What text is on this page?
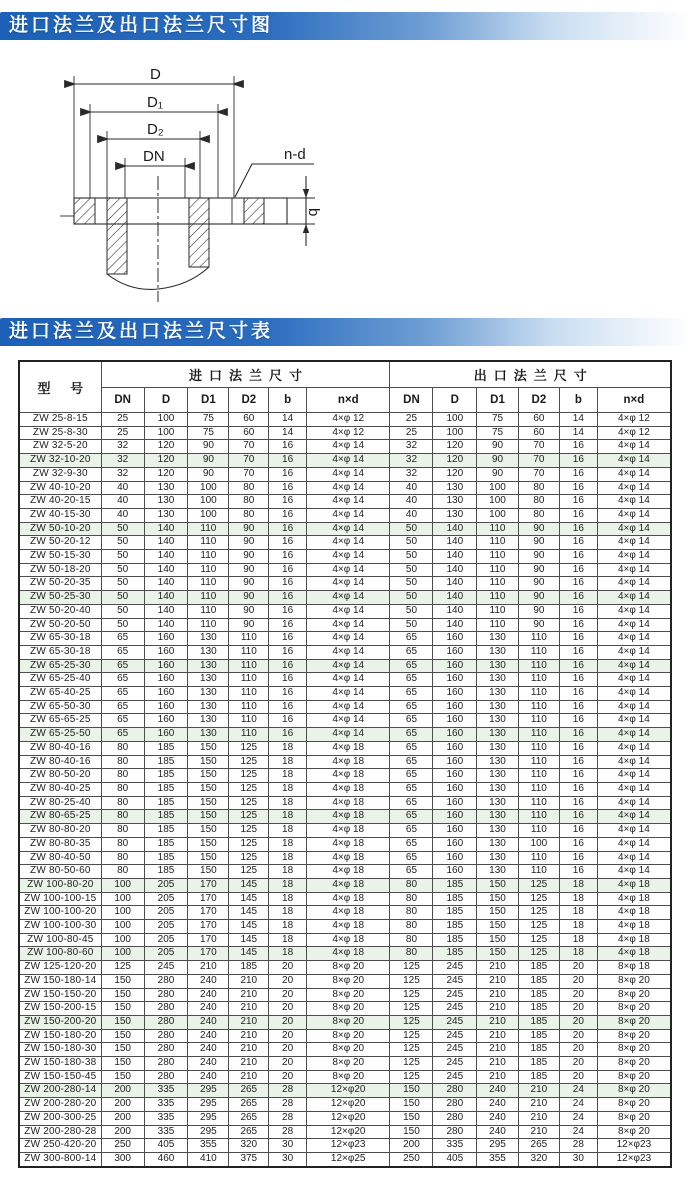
进口法兰及出口法兰尺寸图
D
D₁
D₂
DN	n-d
b
进口法兰及出口法兰尺寸表
型 号	进口法兰尺寸						出口法兰尺寸					
	DN	D	D1	D2	b	n×d	DN	D	D1	D2	b	n×d
ZW 25-8-15	25	100	75	60	14	4×φ 12	25	100	75	60	14	4×φ 12
ZW 25-8-30	25	100	75	60	14	4×φ 12	25	100	75	60	14	4×φ 12
ZW 32-5-20	32	120	90	70	16	4×φ 14	32	120	90	70	16	4×φ 14
ZW 32-10-20	32	120	90	70	16	4×φ 14	32	120	90	70	16	4×φ 14
ZW 32-9-30	32	120	90	70	16	4×φ 14	32	120	90	70	16	4×φ 14
ZW 40-10-20	40	130	100	80	16	4×φ 14	40	130	100	80	16	4×φ 14
ZW 40-20-15	40	130	100	80	16	4×φ 14	40	130	100	80	16	4×φ 14
ZW 40-15-30	40	130	100	80	16	4×φ 14	40	130	100	80	16	4×φ 14
ZW 50-10-20	50	140	110	90	16	4×φ 14	50	140	110	90	16	4×φ 14
ZW 50-20-12	50	140	110	90	16	4×φ 14	50	140	110	90	16	4×φ 14
ZW 50-15-30	50	140	110	90	16	4×φ 14	50	140	110	90	16	4×φ 14
ZW 50-18-20	50	140	110	90	16	4×φ 14	50	140	110	90	16	4×φ 14
ZW 50-20-35	50	140	110	90	16	4×φ 14	50	140	110	90	16	4×φ 14
ZW 50-25-30	50	140	110	90	16	4×φ 14	50	140	110	90	16	4×φ 14
ZW 50-20-40	50	140	110	90	16	4×φ 14	50	140	110	90	16	4×φ 14
ZW 50-20-50	50	140	110	90	16	4×φ 14	50	140	110	90	16	4×φ 14
ZW 65-30-18	65	160	130	110	16	4×φ 14	65	160	130	110	16	4×φ 14
ZW 65-30-18	65	160	130	110	16	4×φ 14	65	160	130	110	16	4×φ 14
ZW 65-25-30	65	160	130	110	16	4×φ 14	65	160	130	110	16	4×φ 14
ZW 65-25-40	65	160	130	110	16	4×φ 14	65	160	130	110	16	4×φ 14
ZW 65-40-25	65	160	130	110	16	4×φ 14	65	160	130	110	16	4×φ 14
ZW 65-50-30	65	160	130	110	16	4×φ 14	65	160	130	110	16	4×φ 14
ZW 65-65-25	65	160	130	110	16	4×φ 14	65	160	130	110	16	4×φ 14
ZW 65-25-50	65	160	130	110	16	4×φ 14	65	160	130	110	16	4×φ 14
ZW 80-40-16	80	185	150	125	18	4×φ 18	65	160	130	110	16	4×φ 14
ZW 80-40-16	80	185	150	125	18	4×φ 18	65	160	130	110	16	4×φ 14
ZW 80-50-20	80	185	150	125	18	4×φ 18	65	160	130	110	16	4×φ 14
ZW 80-40-25	80	185	150	125	18	4×φ 18	65	160	130	110	16	4×φ 14
ZW 80-25-40	80	185	150	125	18	4×φ 18	65	160	130	110	16	4×φ 14
ZW 80-65-25	80	185	150	125	18	4×φ 18	65	160	130	110	16	4×φ 14
ZW 80-80-20	80	185	150	125	18	4×φ 18	65	160	130	110	16	4×φ 14
ZW 80-80-35	80	185	150	125	18	4×φ 18	65	160	130	100	16	4×φ 14
ZW 80-40-50	80	185	150	125	18	4×φ 18	65	160	130	110	16	4×φ 14
ZW 80-50-60	80	185	150	125	18	4×φ 18	65	160	130	110	16	4×φ 14
ZW 100-80-20	100	205	170	145	18	4×φ 18	80	185	150	125	18	4×φ 18
ZW 100-100-15	100	205	170	145	18	4×φ 18	80	185	150	125	18	4×φ 18
ZW 100-100-20	100	205	170	145	18	4×φ 18	80	185	150	125	18	4×φ 18
ZW 100-100-30	100	205	170	145	18	4×φ 18	80	185	150	125	18	4×φ 18
ZW 100-80-45	100	205	170	145	18	4×φ 18	80	185	150	125	18	4×φ 18
ZW 100-80-60	100	205	170	145	18	4×φ 18	80	185	150	125	18	4×φ 18
ZW 125-120-20	125	245	210	185	20	8×φ 20	125	245	210	185	20	8×φ 18
ZW 150-180-14	150	280	240	210	20	8×φ 20	125	245	210	185	20	8×φ 20
ZW 150-150-20	150	280	240	210	20	8×φ 20	125	245	210	185	20	8×φ 20
ZW 150-200-15	150	280	240	210	20	8×φ 20	125	245	210	185	20	8×φ 20
ZW 150-200-20	150	280	240	210	20	8×φ 20	125	245	210	185	20	8×φ 20
ZW 150-180-20	150	280	240	210	20	8×φ 20	125	245	210	185	20	8×φ 20
ZW 150-180-30	150	280	240	210	20	8×φ 20	125	245	210	185	20	8×φ 20
ZW 150-180-38	150	280	240	210	20	8×φ 20	125	245	210	185	20	8×φ 20
ZW 150-150-45	150	280	240	210	20	8×φ 20	125	245	210	185	20	8×φ 20
ZW 200-280-14	200	335	295	265	28	12×φ20	150	280	240	210	24	8×φ 20
ZW 200-280-20	200	335	295	265	28	12×φ20	150	280	240	210	24	8×φ 20
ZW 200-300-25	200	335	295	265	28	12×φ20	150	280	240	210	24	8×φ 20
ZW 200-280-28	200	335	295	265	28	12×φ20	150	280	240	210	24	8×φ 20
ZW 250-420-20	250	405	355	320	30	12×φ23	200	335	295	265	28	12×φ23
ZW 300-800-14	300	460	410	375	30	12×φ25	250	405	355	320	30	12×φ23
